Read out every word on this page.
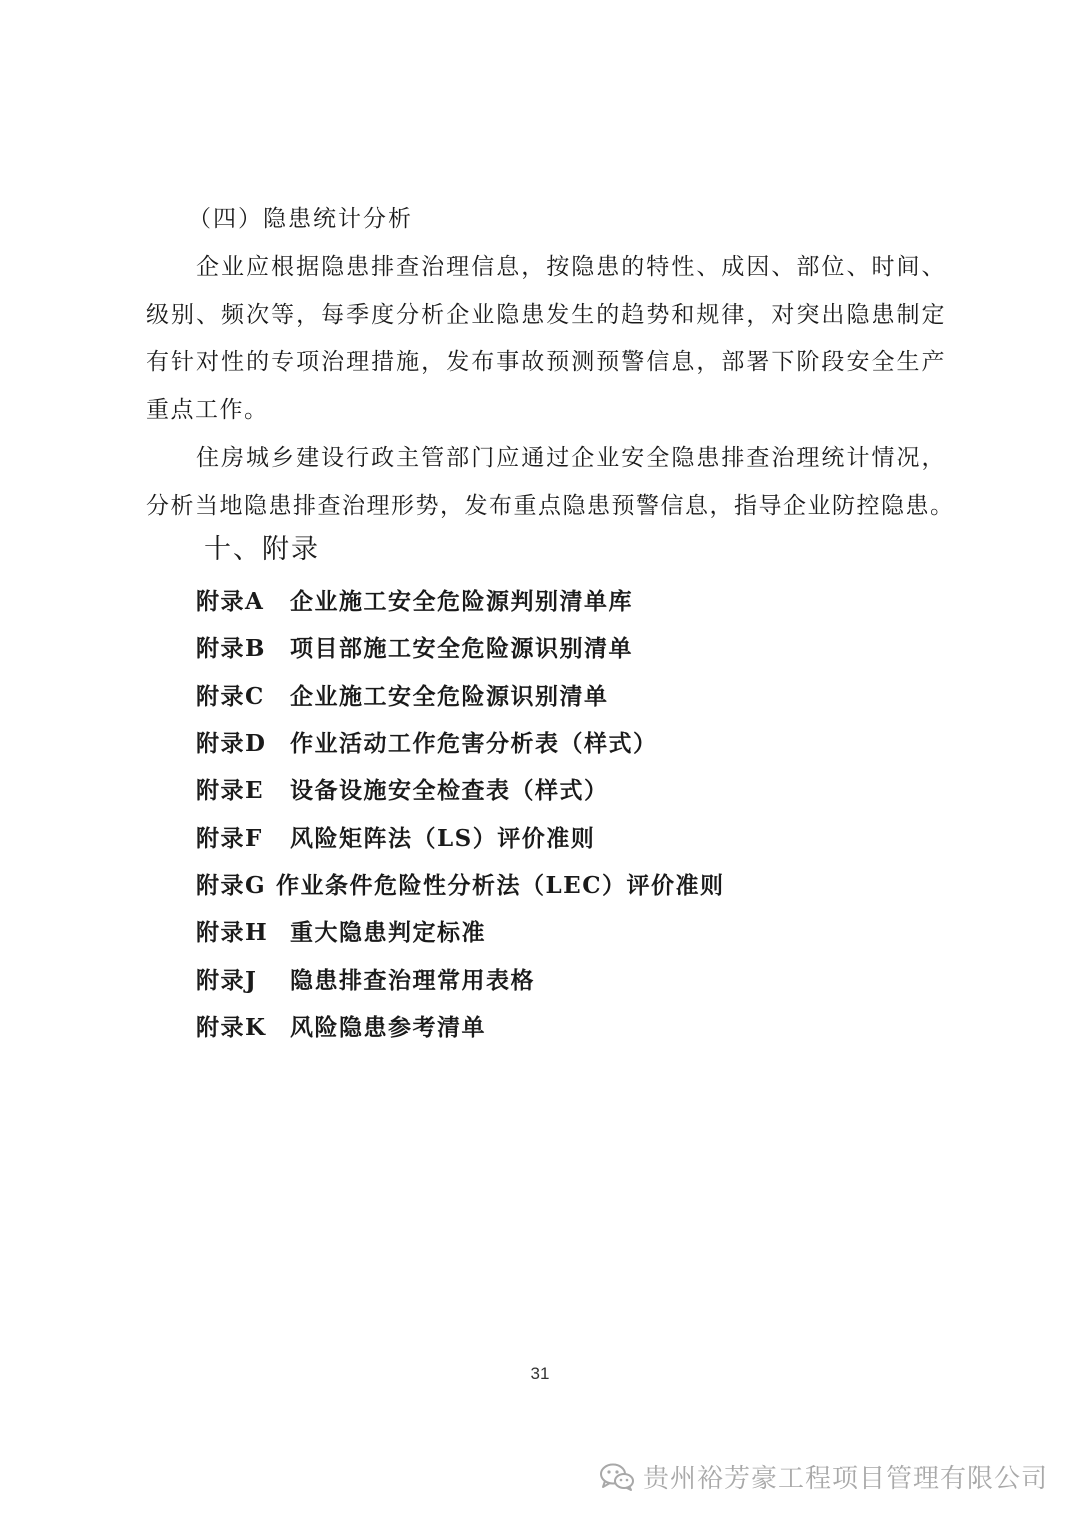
（四）隐患统计分析
企业应根据隐患排查治理信息，按隐患的特性、成因、部位、时间、
级别、频次等，每季度分析企业隐患发生的趋势和规律，对突出隐患制定
有针对性的专项治理措施，发布事故预测预警信息，部署下阶段安全生产
重点工作。
住房城乡建设行政主管部门应通过企业安全隐患排查治理统计情况，
分析当地隐患排查治理形势，发布重点隐患预警信息，指导企业防控隐患。
十、附录
附录A	企业施工安全危险源判别清单库
附录B	项目部施工安全危险源识别清单
附录C	企业施工安全危险源识别清单
附录D	作业活动工作危害分析表（样式）
附录E	设备设施安全检查表（样式）
附录F	风险矩阵法（LS）评价准则
附录G 作业条件危险性分析法（LEC）评价准则
附录H 重大隐患判定标准
附录J	隐患排查治理常用表格
附录K	风险隐患参考清单
31
贵州裕芳豪工程项目管理有限公司
